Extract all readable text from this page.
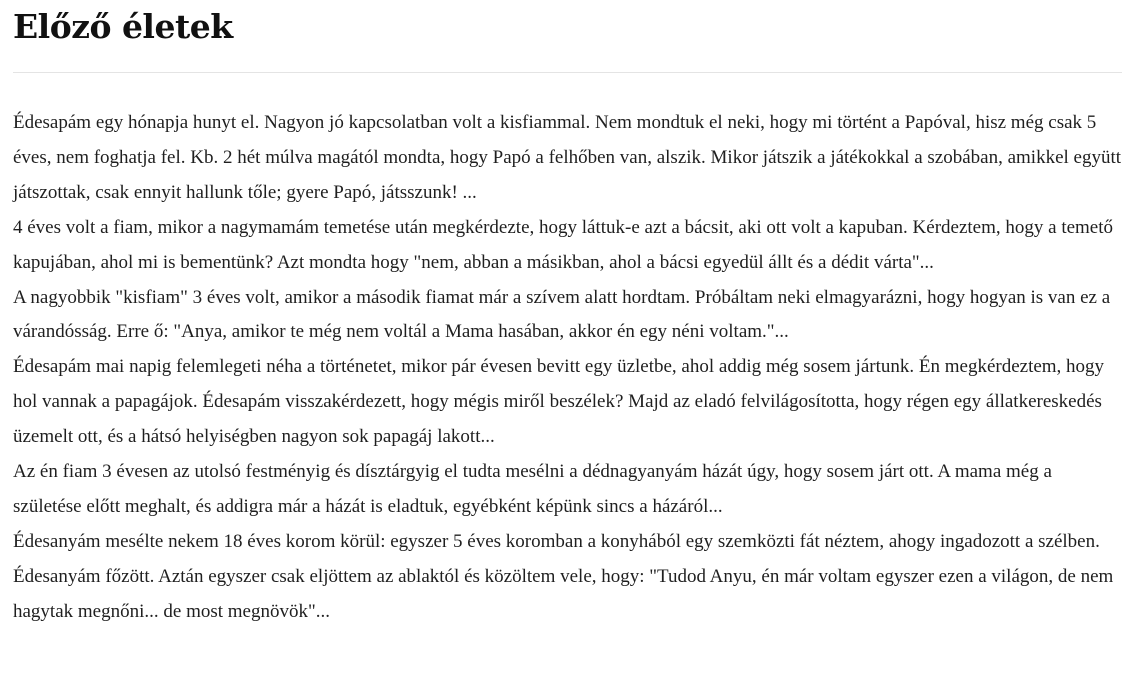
Előző életek

Édesapám egy hónapja hunyt el. Nagyon jó kapcsolatban volt a kisfiammal. Nem mondtuk el neki, hogy mi történt a Papóval, hisz még csak 5 éves, nem foghatja fel. Kb. 2 hét múlva magától mondta, hogy Papó a felhőben van, alszik. Mikor játszik a játékokkal a szobában, amikkel együtt játszottak, csak ennyit hallunk tőle; gyere Papó, játsszunk! ...

4 éves volt a fiam, mikor a nagymamám temetése után megkérdezte, hogy láttuk-e azt a bácsit, aki ott volt a kapuban. Kérdeztem, hogy a temető kapujában, ahol mi is bementünk? Azt mondta hogy "nem, abban a másikban, ahol a bácsi egyedül állt és a dédit várta"...

A nagyobbik "kisfiam" 3 éves volt, amikor a második fiamat már a szívem alatt hordtam. Próbáltam neki elmagyarázni, hogy hogyan is van ez a várandósság. Erre ő: "Anya, amikor te még nem voltál a Mama hasában, akkor én egy néni voltam."...

Édesapám mai napig felemlegeti néha a történetet, mikor pár évesen bevitt egy üzletbe, ahol addig még sosem jártunk. Én megkérdeztem, hogy hol vannak a papagájok. Édesapám visszakérdezett, hogy mégis miről beszélek? Majd az eladó felvilágosította, hogy régen egy állatkereskedés üzemelt ott, és a hátsó helyiségben nagyon sok papagáj lakott...

Az én fiam 3 évesen az utolsó festményig és dísztárgyig el tudta mesélni a dédnagyanyám házát úgy, hogy sosem járt ott. A mama még a születése előtt meghalt, és addigra már a házát is eladtuk, egyébként képünk sincs a házáról...

Édesanyám mesélte nekem 18 éves korom körül: egyszer 5 éves koromban a konyhából egy szemközti fát néztem, ahogy ingadozott a szélben. Édesanyám főzött. Aztán egyszer csak eljöttem az ablaktól és közöltem vele, hogy: "Tudod Anyu, én már voltam egyszer ezen a világon, de nem hagytak megnőni... de most megnövök"...
